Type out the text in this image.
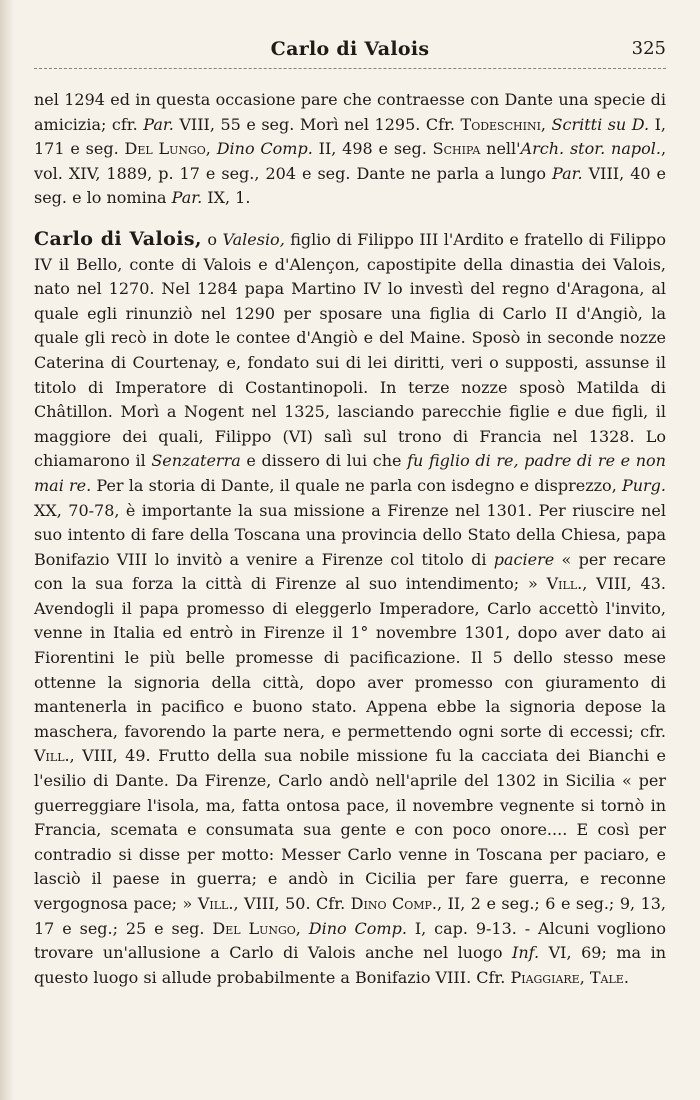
Carlo di Valois	325

nel 1294 ed in questa occasione pare che contraesse con Dante una specie di amicizia; cfr. Par. VIII, 55 e seg. Morì nel 1295. Cfr. Todeschini, Scritti su D. I, 171 e seg. Del Lungo, Dino Comp. II, 498 e seg. Schipa nell'Arch. stor. napol., vol. XIV, 1889, p. 17 e seg., 204 e seg. Dante ne parla a lungo Par. VIII, 40 e seg. e lo nomina Par. IX, 1.

Carlo di Valois, o Valesio, figlio di Filippo III l'Ardito e fratello di Filippo IV il Bello, conte di Valois e d'Alençon, capostipite della dinastia dei Valois, nato nel 1270. Nel 1284 papa Martino IV lo investì del regno d'Aragona, al quale egli rinunziò nel 1290 per sposare una figlia di Carlo II d'Angiò, la quale gli recò in dote le contee d'Angiò e del Maine. Sposò in seconde nozze Caterina di Courtenay, e, fondato sui di lei diritti, veri o supposti, assunse il titolo di Imperatore di Costantinopoli. In terze nozze sposò Matilda di Châtillon. Morì a Nogent nel 1325, lasciando parecchie figlie e due figli, il maggiore dei quali, Filippo (VI) salì sul trono di Francia nel 1328. Lo chiamarono il Senzaterra e dissero di lui che fu figlio di re, padre di re e non mai re. Per la storia di Dante, il quale ne parla con isdegno e disprezzo, Purg. XX, 70-78, è importante la sua missione a Firenze nel 1301. Per riuscire nel suo intento di fare della Toscana una provincia dello Stato della Chiesa, papa Bonifazio VIII lo invitò a venire a Firenze col titolo di paciere « per recare con la sua forza la città di Firenze al suo intendimento; » Vill., VIII, 43. Avendogli il papa promesso di eleggerlo Imperadore, Carlo accettò l'invito, venne in Italia ed entrò in Firenze il 1° novembre 1301, dopo aver dato ai Fiorentini le più belle promesse di pacificazione. Il 5 dello stesso mese ottenne la signoria della città, dopo aver promesso con giuramento di mantenerla in pacifico e buono stato. Appena ebbe la signoria depose la maschera, favorendo la parte nera, e permettendo ogni sorte di eccessi; cfr. Vill., VIII, 49. Frutto della sua nobile missione fu la cacciata dei Bianchi e l'esilio di Dante. Da Firenze, Carlo andò nell'aprile del 1302 in Sicilia « per guerreggiare l'isola, ma, fatta ontosa pace, il novembre vegnente si tornò in Francia, scemata e consumata sua gente e con poco onore.... E così per contradio si disse per motto: Messer Carlo venne in Toscana per paciaro, e lasciò il paese in guerra; e andò in Cicilia per fare guerra, e reconne vergognosa pace; » Vill., VIII, 50. Cfr. Dino Comp., II, 2 e seg.; 6 e seg.; 9, 13, 17 e seg.; 25 e seg. Del Lungo, Dino Comp. I, cap. 9-13. - Alcuni vogliono trovare un'allusione a Carlo di Valois anche nel luogo Inf. VI, 69; ma in questo luogo si allude probabilmente a Bonifazio VIII. Cfr. Piaggiare, Tale.
